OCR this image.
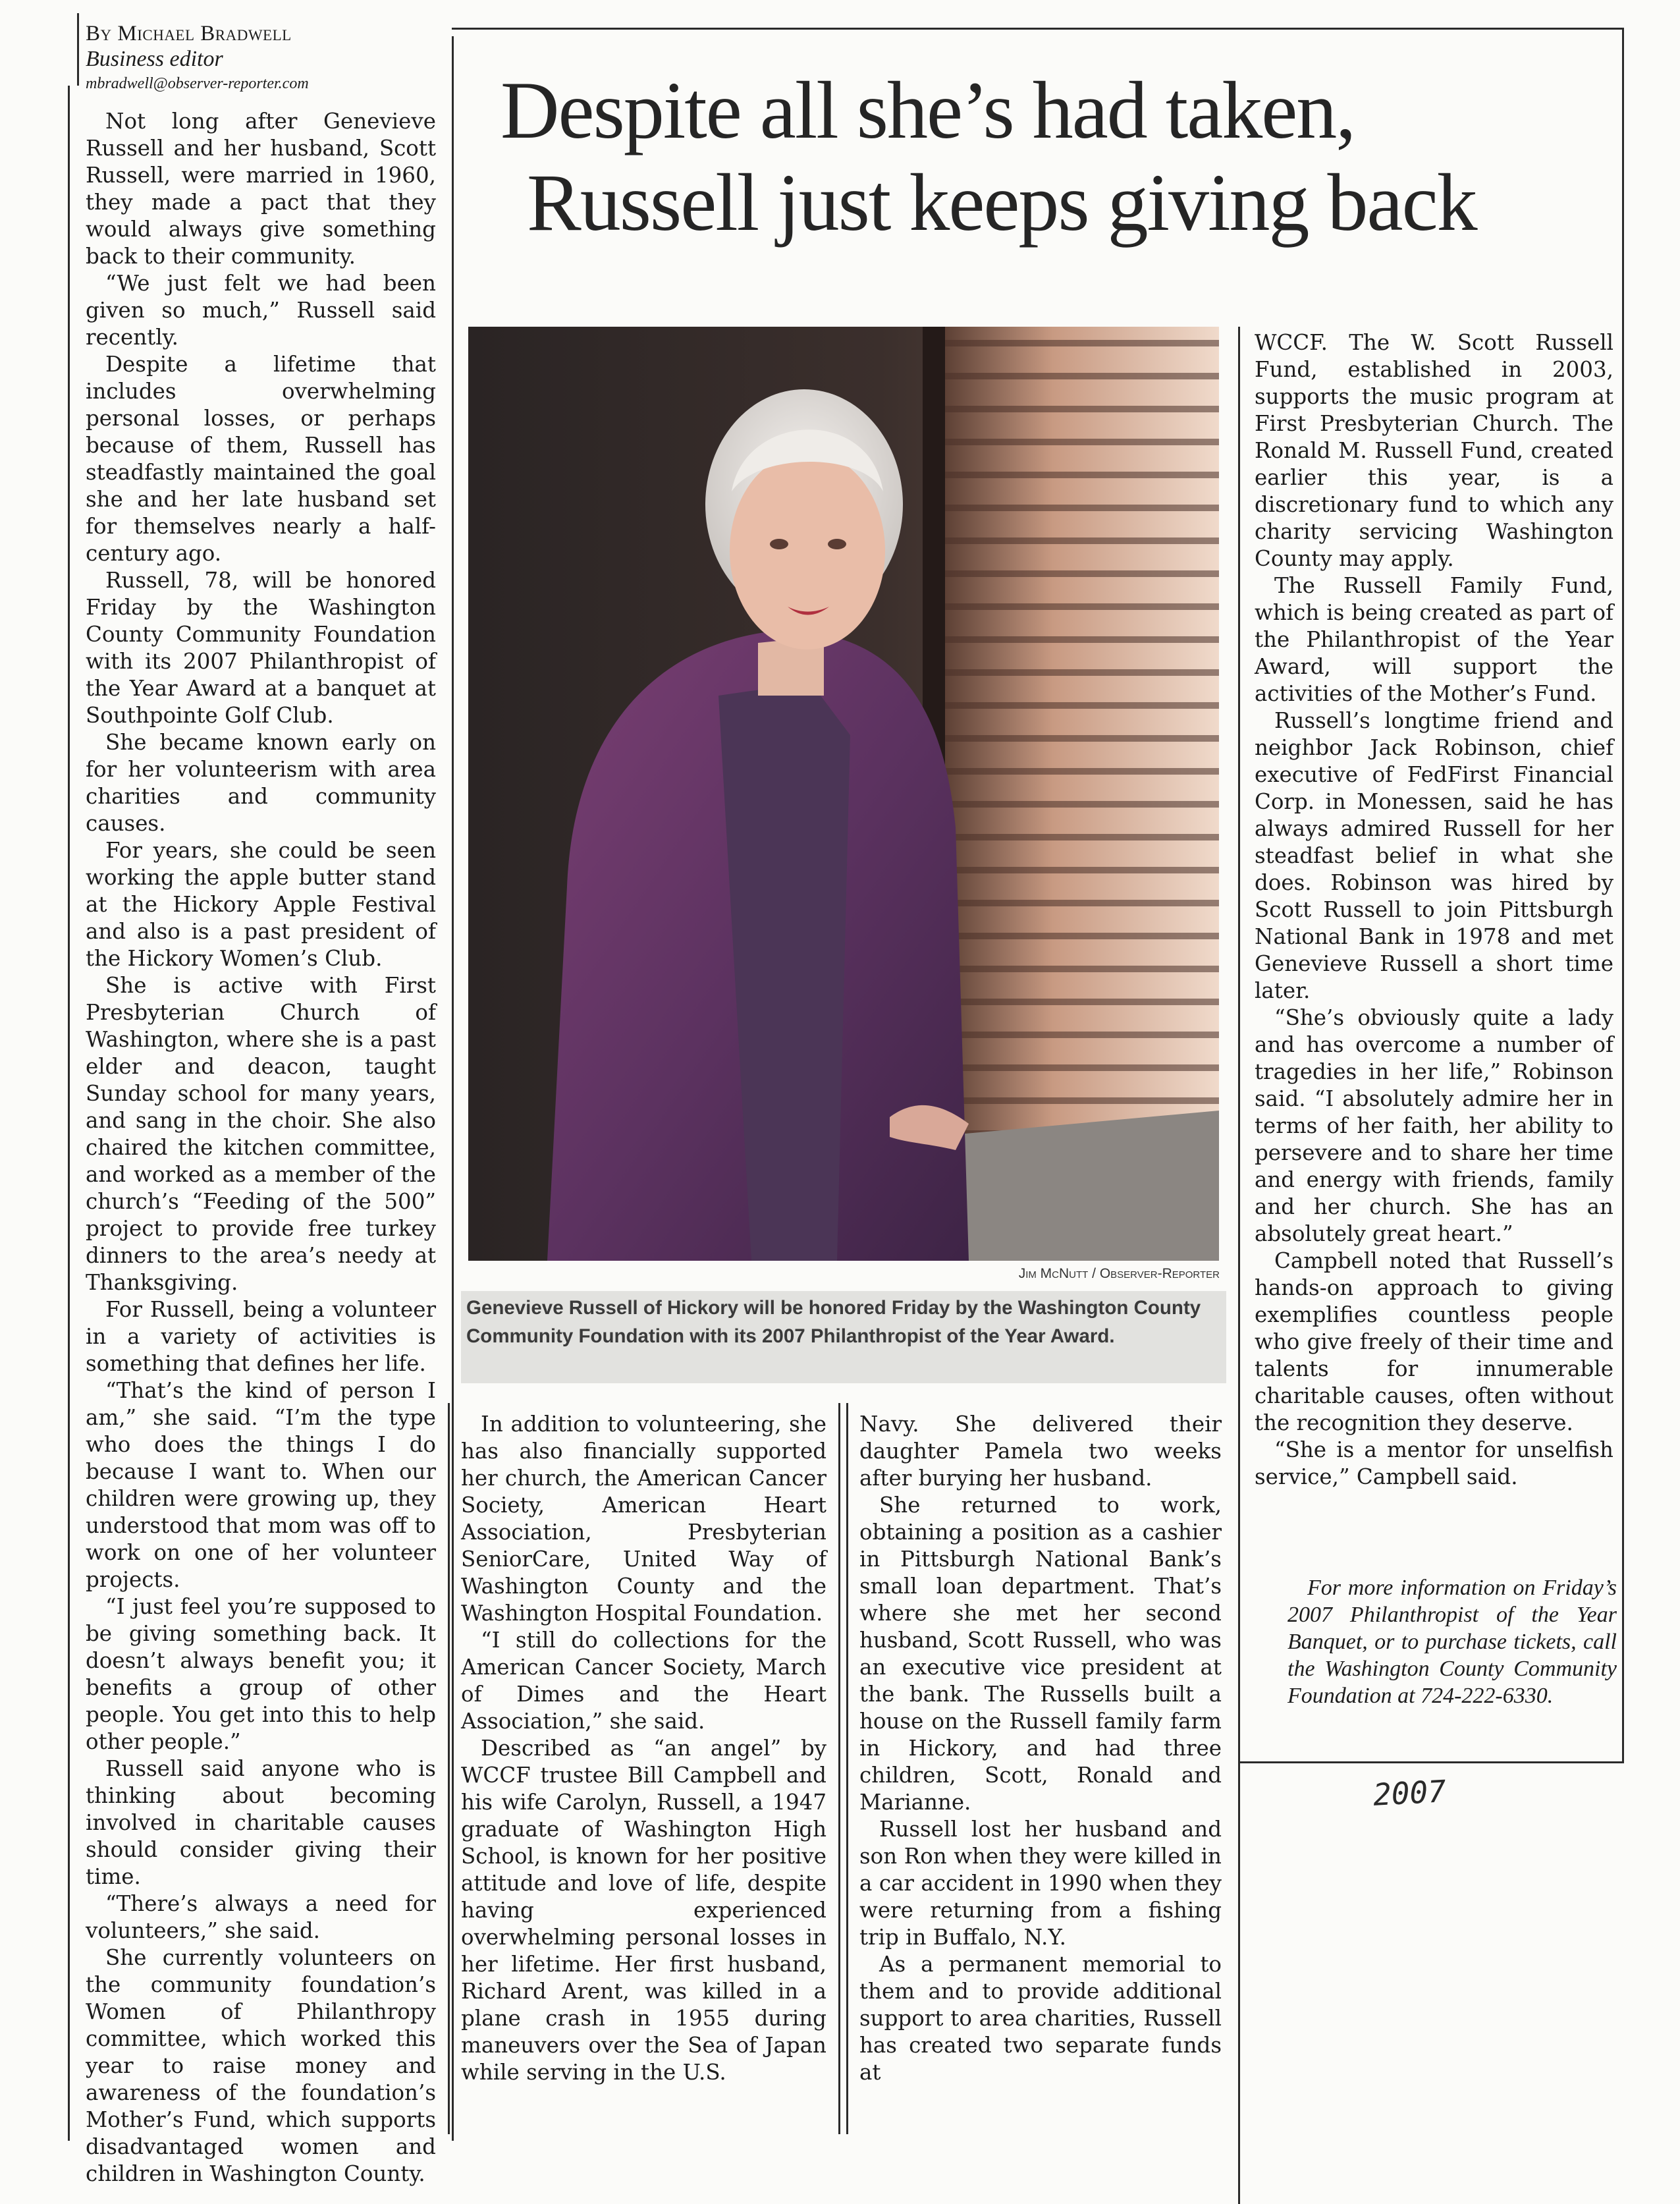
By Michael Bradwell
Business editor
mbradwell@observer-reporter.com

Not long after Genevieve Russell and her husband, Scott Russell, were married in 1960, they made a pact that they would always give something back to their community.

“We just felt we had been given so much,” Russell said recently.

Despite a lifetime that includes overwhelming personal losses, or perhaps because of them, Russell has steadfastly maintained the goal she and her late husband set for themselves nearly a half-century ago.

Russell, 78, will be honored Friday by the Washington County Community Foundation with its 2007 Philanthropist of the Year Award at a banquet at Southpointe Golf Club.

She became known early on for her volunteerism with area charities and community causes.

For years, she could be seen working the apple butter stand at the Hickory Apple Festival and also is a past president of the Hickory Women’s Club.

She is active with First Presbyterian Church of Washington, where she is a past elder and deacon, taught Sunday school for many years, and sang in the choir. She also chaired the kitchen committee, and worked as a member of the church’s “Feeding of the 500” project to provide free turkey dinners to the area’s needy at Thanksgiving.

For Russell, being a volunteer in a variety of activities is something that defines her life.

“That’s the kind of person I am,” she said. “I’m the type who does the things I do because I want to. When our children were growing up, they understood that mom was off to work on one of her volunteer projects.

“I just feel you’re supposed to be giving something back. It doesn’t always benefit you; it benefits a group of other people. You get into this to help other people.”

Russell said anyone who is thinking about becoming involved in charitable causes should consider giving their time.

“There’s always a need for volunteers,” she said.

She currently volunteers on the community foundation’s Women of Philanthropy committee, which worked this year to raise money and awareness of the foundation’s Mother’s Fund, which supports disadvantaged women and children in Washington County.

Despite all she’s had taken,
Russell just keeps giving back
Jim McNutt / Observer-Reporter
Genevieve Russell of Hickory will be honored Friday by the Washington County Community Foundation with its 2007 Philanthropist of the Year Award.

In addition to volunteering, she has also financially supported her church, the American Cancer Society, American Heart Association, Presbyterian SeniorCare, United Way of Washington County and the Washington Hospital Foundation.

“I still do collections for the American Cancer Society, March of Dimes and the Heart Association,” she said.

Described as “an angel” by WCCF trustee Bill Campbell and his wife Carolyn, Russell, a 1947 graduate of Washington High School, is known for her positive attitude and love of life, despite having experienced overwhelming personal losses in her lifetime. Her first husband, Richard Arent, was killed in a plane crash in 1955 during maneuvers over the Sea of Japan while serving in the U.S.

Navy. She delivered their daughter Pamela two weeks after burying her husband.

She returned to work, obtaining a position as a cashier in Pittsburgh National Bank’s small loan department. That’s where she met her second husband, Scott Russell, who was an executive vice president at the bank. The Russells built a house on the Russell family farm in Hickory, and had three children, Scott, Ronald and Marianne.

Russell lost her husband and son Ron when they were killed in a car accident in 1990 when they were returning from a fishing trip in Buffalo, N.Y.

As a permanent memorial to them and to provide additional support to area charities, Russell has created two separate funds at

WCCF. The W. Scott Russell Fund, established in 2003, supports the music program at First Presbyterian Church. The Ronald M. Russell Fund, created earlier this year, is a discretionary fund to which any charity servicing Washington County may apply.

The Russell Family Fund, which is being created as part of the Philanthropist of the Year Award, will support the activities of the Mother’s Fund.

Russell’s longtime friend and neighbor Jack Robinson, chief executive of FedFirst Financial Corp. in Monessen, said he has always admired Russell for her steadfast belief in what she does. Robinson was hired by Scott Russell to join Pittsburgh National Bank in 1978 and met Genevieve Russell a short time later.

“She’s obviously quite a lady and has overcome a number of tragedies in her life,” Robinson said. “I absolutely admire her in terms of her faith, her ability to persevere and to share her time and energy with friends, family and her church. She has an absolutely great heart.”

Campbell noted that Russell’s hands-on approach to giving exemplifies countless people who give freely of their time and talents for innumerable charitable causes, often without the recognition they deserve.

“She is a mentor for unselfish service,” Campbell said.

For more information on Friday’s 2007 Philanthropist of the Year Banquet, or to purchase tickets, call the Washington County Community Foundation at 724-222-6330.
2007
